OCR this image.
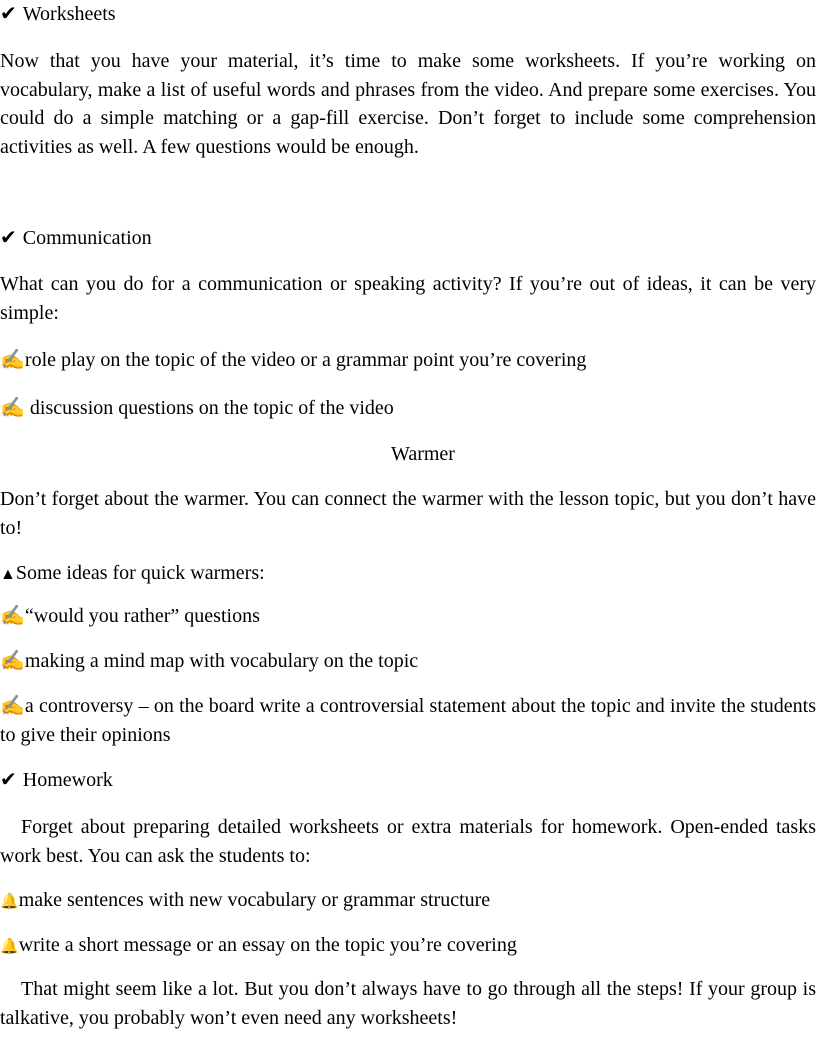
✔ Worksheets

Now that you have your material, it’s time to make some worksheets. If you’re working on vocabulary, make a list of useful words and phrases from the video. And prepare some exercises. You could do a simple matching or a gap-fill exercise. Don’t forget to include some comprehension activities as well. A few questions would be enough.

✔ Communication

What can you do for a communication or speaking activity? If you’re out of ideas, it can be very simple:

✍role play on the topic of the video or a grammar point you’re covering
✍ discussion questions on the topic of the video
Warmer

Don’t forget about the warmer. You can connect the warmer with the lesson topic, but you don’t have to!

▲Some ideas for quick warmers:
✍“would you rather” questions
✍making a mind map with vocabulary on the topic
✍a controversy – on the board write a controversial statement about the topic and invite the students to give their opinions
✔ Homework

Forget about preparing detailed worksheets or extra materials for homework. Open-ended tasks work best. You can ask the students to:

🔔make sentences with new vocabulary or grammar structure
🔔write a short message or an essay on the topic you’re covering

That might seem like a lot. But you don’t always have to go through all the steps! If your group is talkative, you probably won’t even need any worksheets!
